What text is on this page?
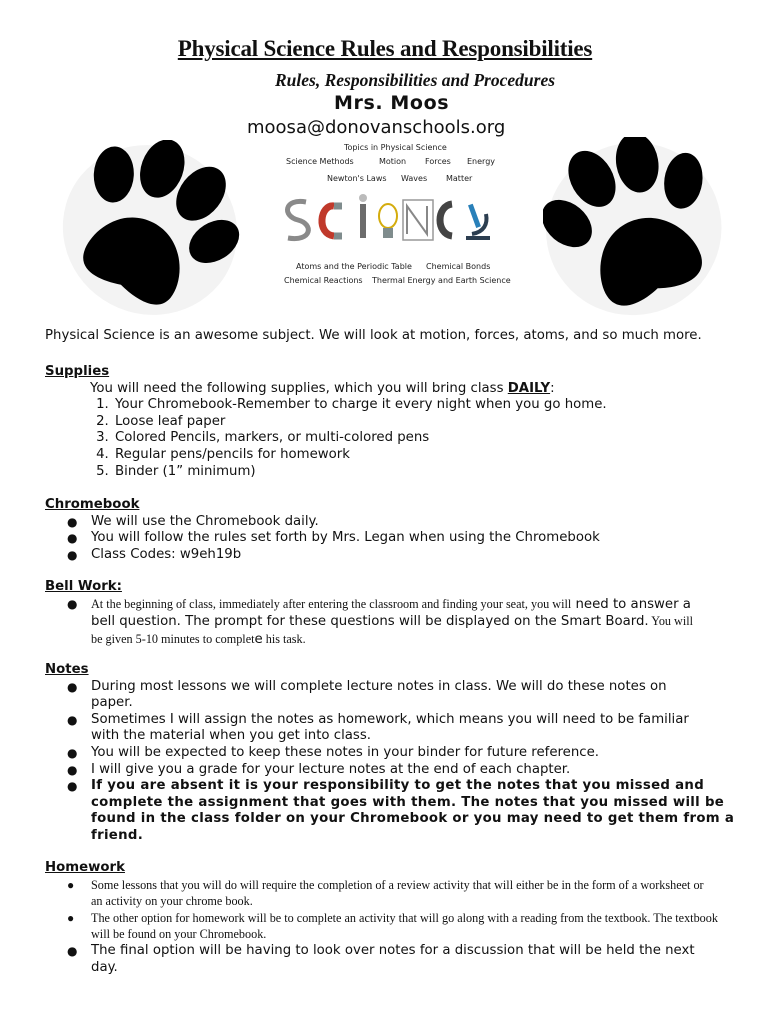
Physical Science Rules and Responsibilities
Rules, Responsibilities and Procedures
Mrs. Moos
moosa@donovanschools.org
Topics in Physical Science
Science Methods	Motion Forces Energy
Newton's Laws Waves Matter
Atoms and the Periodic Table Chemical Bonds
Chemical Reactions Thermal Energy and Earth Science
Physical Science is an awesome subject. We will look at motion, forces, atoms, and so much more.
Supplies
You will need the following supplies, which you will bring class DAILY:
1. Your Chromebook-Remember to charge it every night when you go home.
2. Loose leaf paper
3. Colored Pencils, markers, or multi-colored pens
4. Regular pens/pencils for homework
5. Binder (1” minimum)
Chromebook
● We will use the Chromebook daily.
● You will follow the rules set forth by Mrs. Legan when using the Chromebook
● Class Codes: w9eh19b
Bell Work:
● At the beginning of class, immediately after entering the classroom and finding your seat, you will need to answer a bell question. The prompt for these questions will be displayed on the Smart Board. You will be given 5-10 minutes to complete his task.
Notes
● During most lessons we will complete lecture notes in class. We will do these notes on paper.
● Sometimes I will assign the notes as homework, which means you will need to be familiar with the material when you get into class.
● You will be expected to keep these notes in your binder for future reference.
● I will give you a grade for your lecture notes at the end of each chapter.
● If you are absent it is your responsibility to get the notes that you missed and complete the assignment that goes with them. The notes that you missed will be found in the class folder on your Chromebook or you may need to get them from a friend.
Homework
● Some lessons that you will do will require the completion of a review activity that will either be in the form of a worksheet or an activity on your chrome book.
● The other option for homework will be to complete an activity that will go along with a reading from the textbook. The textbook will be found on your Chromebook.
● The final option will be having to look over notes for a discussion that will be held the next day.
